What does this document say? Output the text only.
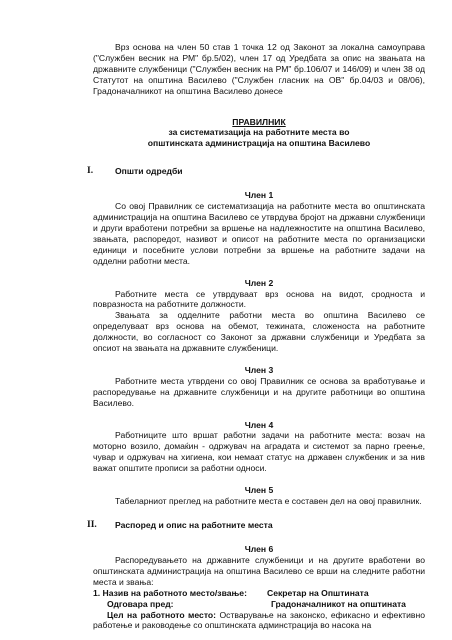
Врз основа на член 50 став 1 точка 12 од Законот за локална самоуправа ("Службен весник на РМ" бр.5/02), член 17 од Уредбата за опис на звањата на државните службеници ("Службен весник на РМ" бр.106/07 и 146/09) и член 38 од Статутот на општина Василево ("Службен гласник на ОВ" бр.04/03 и 08/06), Градоначалникот на општина Василево донесе

ПРАВИЛНИК

за систематизација на работните места во

општинската администрација на општина Василево

I.	Општи одредби

Член 1

Со овој Правилник се систематизација на работните места во општинската администрација на општина Василево се утврдува бројот на државни службеници и други вработени потребни за вршење на надлежностите на општина Василево, звањата, распоредот, називот и описот на работните места по организациски единици и посебните услови потребни за вршење на работните задачи на одделни работни места.

Член 2

Работните места се утврдуваат врз основа на видот, сродноста и повразноста на работните должности.

Звањата за одделните работни места во општина Василево се определуваат врз основа на обемот, тежината, сложеноста на работните должности, во согласност со Законот за државни службеници и Уредбата за опсиот на звањата на државните службеници.

Член 3

Работните места утврдени со овој Правилник се основа за вработување и распоредување на државните службеници и на другите работници во општина Василево.

Член 4

Работниците што вршат работни задачи на работните места: возач на моторно возило, домаќин - одржувач на аградата и системот за парно греење, чувар и одржувач на хигиена, кои немаат статус на државен службеник и за нив важат општите прописи за работни односи.

Член 5

Табеларниот преглед на работните места е составен дел на овој правилник.

II. Распоред и опис на работните места

Член 6

Распоредувањето на државните службеници и на другите вработени во општинската администрација на општина Василево се врши на следните работни места и звања:

1. Назив на работното место/звање: Секретар на Општината
Одговара пред:	Градоначалникот на општината

Цел на работното место: Остварување на законско, ефикасно и ефективно работење и раководење со општинската админстрација во насока на
